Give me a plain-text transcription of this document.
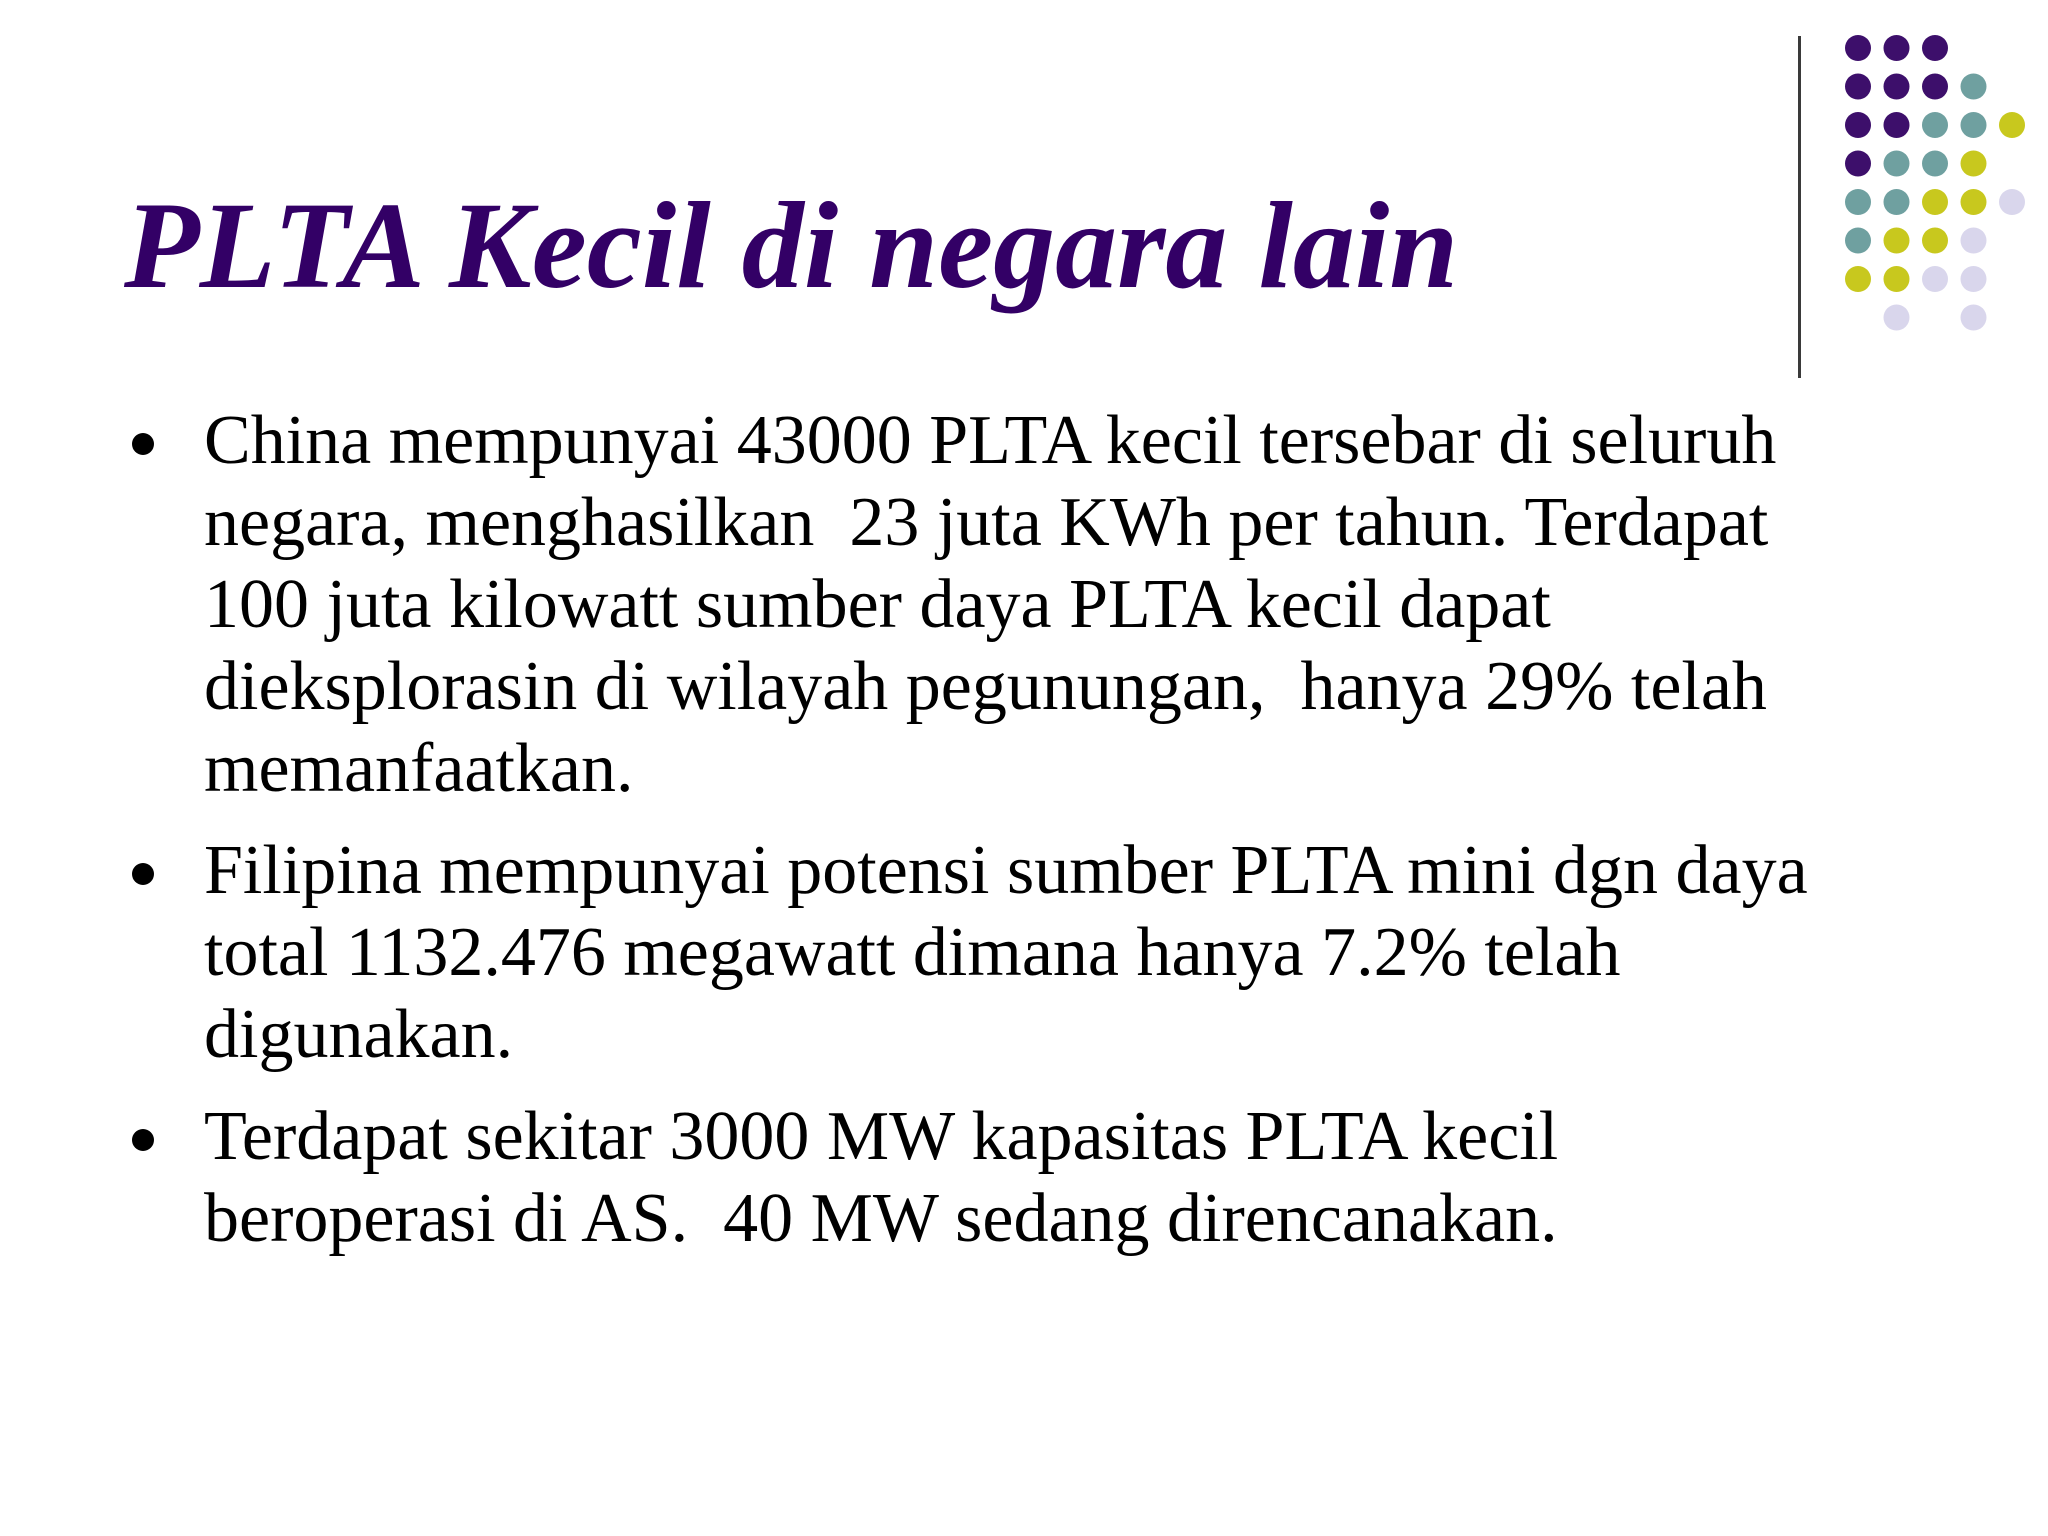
PLTA Kecil di negara lain
China mempunyai 43000 PLTA kecil tersebar di seluruh
negara, menghasilkan  23 juta KWh per tahun. Terdapat
100 juta kilowatt sumber daya PLTA kecil dapat
dieksplorasin di wilayah pegunungan,  hanya 29% telah
memanfaatkan.
Filipina mempunyai potensi sumber PLTA mini dgn daya
total 1132.476 megawatt dimana hanya 7.2% telah
digunakan.
Terdapat sekitar 3000 MW kapasitas PLTA kecil
beroperasi di AS.  40 MW sedang direncanakan.
